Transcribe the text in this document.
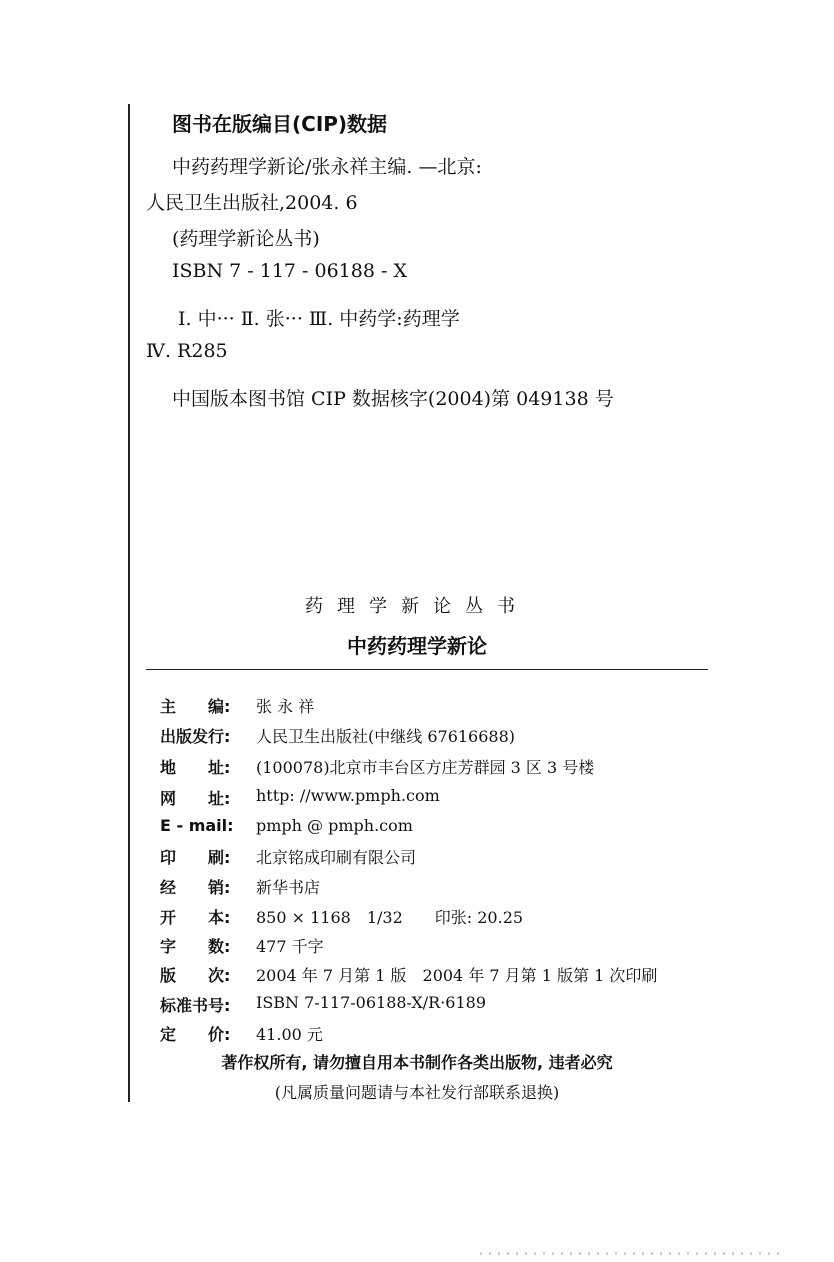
图书在版编目(CIP)数据
中药药理学新论/张永祥主编. —北京:
人民卫生出版社,2004. 6
(药理学新论丛书)
ISBN 7 - 117 - 06188 - X
Ⅰ. 中··· Ⅱ. 张··· Ⅲ. 中药学:药理学
Ⅳ. R285
中国版本图书馆 CIP 数据核字(2004)第 049138 号
药理学新论丛书
中药药理学新论
主　　编:	张 永 祥
出版发行:	人民卫生出版社(中继线 67616688)
地　　址:	(100078)北京市丰台区方庄芳群园 3 区 3 号楼
网　　址:	http: //www.pmph.com
E - mail:	pmph @ pmph.com
印　　刷:	北京铭成印刷有限公司
经　　销:	新华书店
开　　本:	850 × 1168　1/32　　印张: 20.25
字　　数:	477 千字
版　　次:	2004 年 7 月第 1 版　2004 年 7 月第 1 版第 1 次印刷
标准书号:	ISBN 7-117-06188-X/R·6189
定　　价:	41.00 元
著作权所有, 请勿擅自用本书制作各类出版物, 违者必究
(凡属质量问题请与本社发行部联系退换)
